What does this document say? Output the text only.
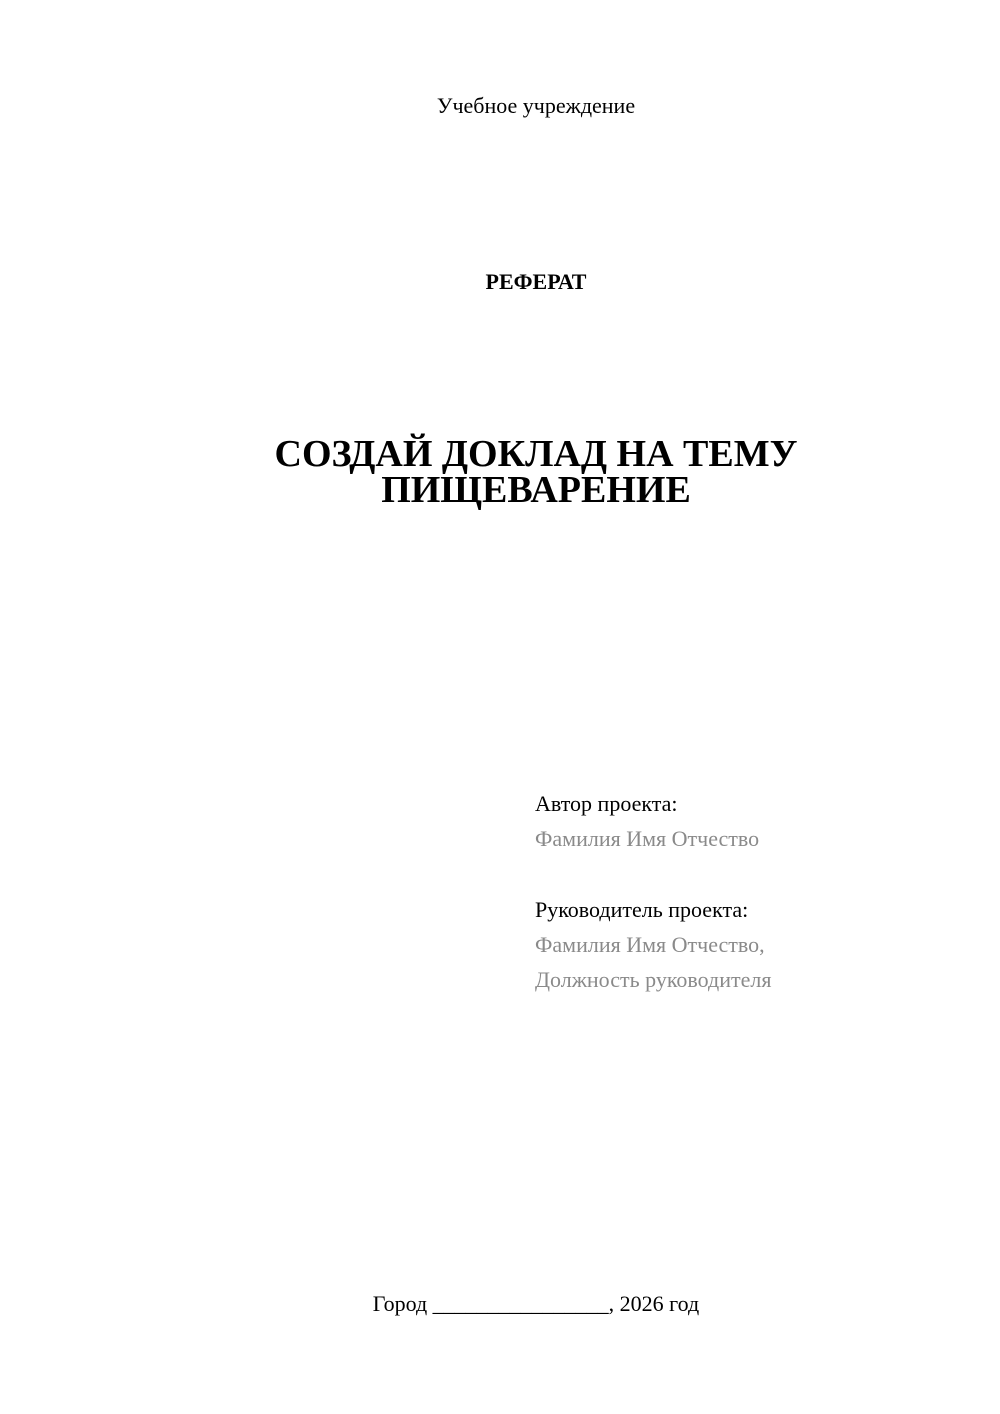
Учебное учреждение
РЕФЕРАТ
СОЗДАЙ ДОКЛАД НА ТЕМУ
ПИЩЕВАРЕНИЕ
Автор проекта:
Фамилия Имя Отчество
Руководитель проекта:
Фамилия Имя Отчество,
Должность руководителя
Город ________________, 2026 год
